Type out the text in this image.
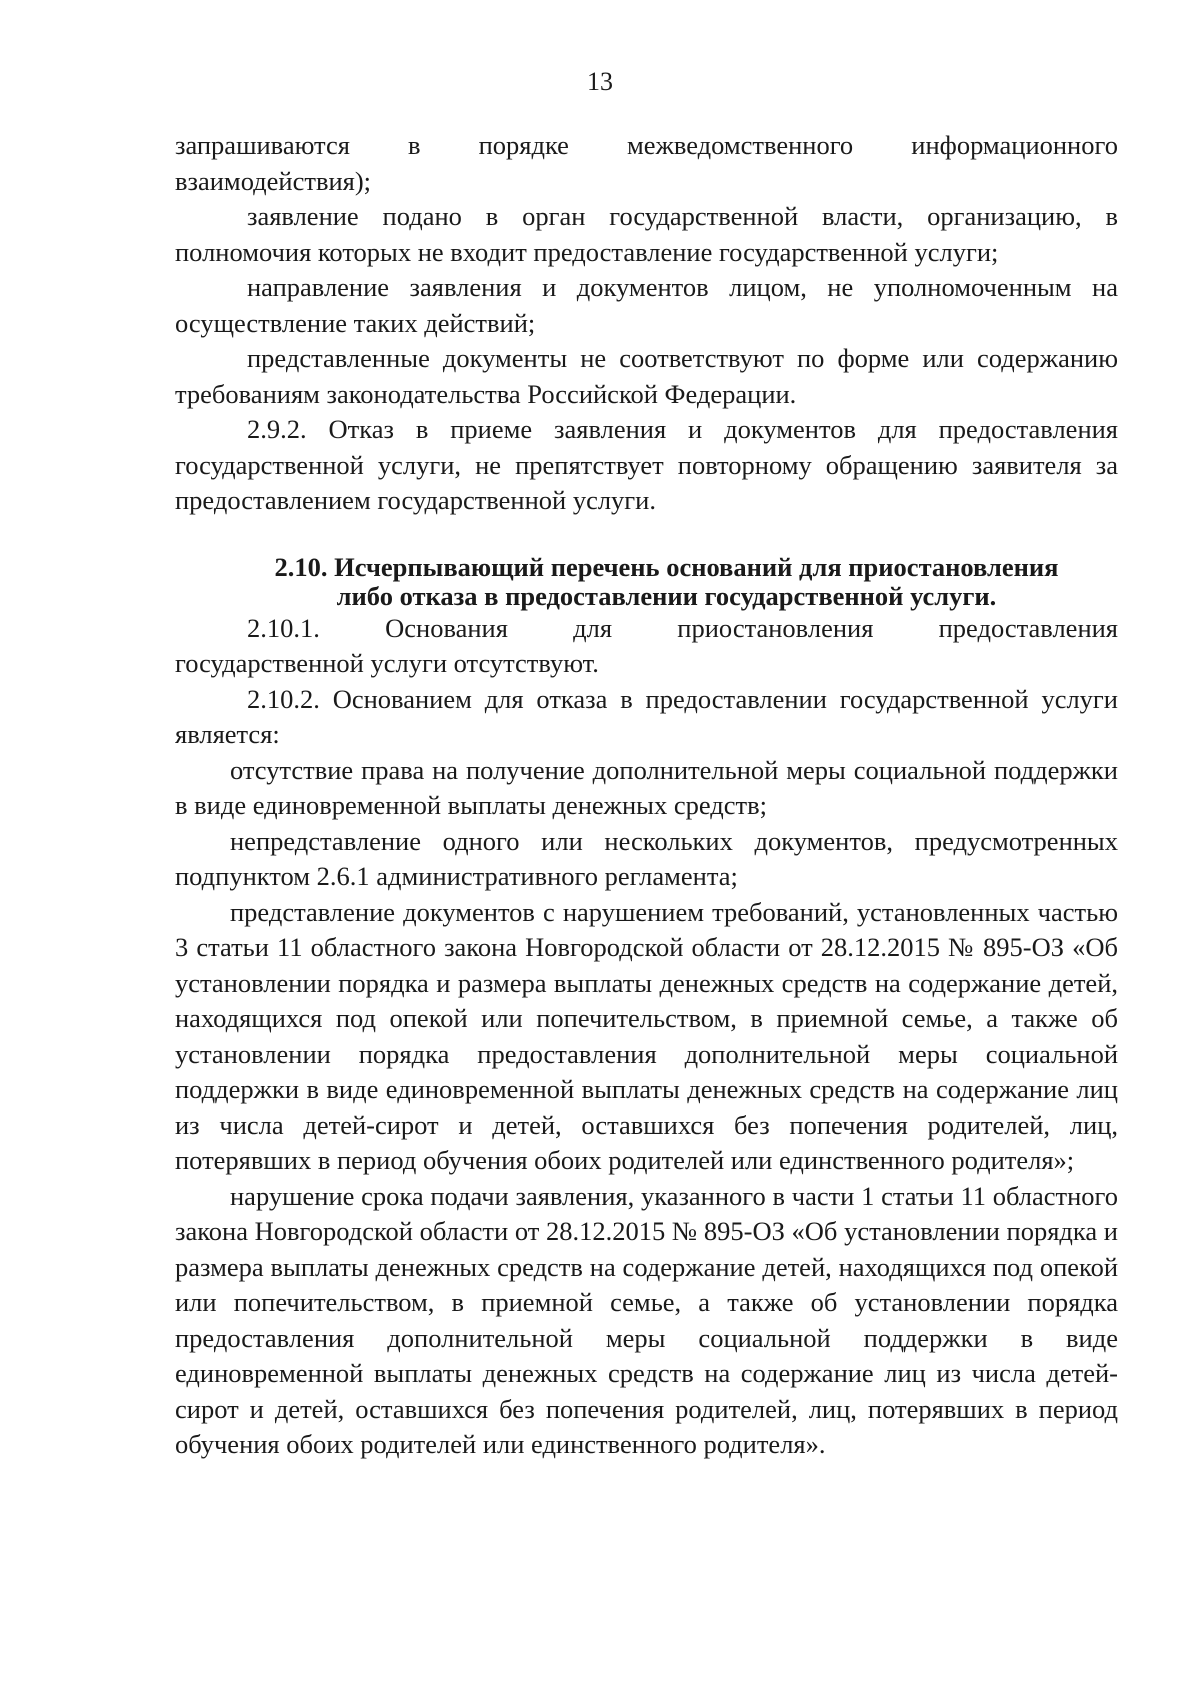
13
запрашиваются в порядке межведомственного информационного

взаимодействия);

заявление подано в орган государственной власти, организацию, в полномочия которых не входит предоставление государственной услуги;

направление заявления и документов лицом, не уполномоченным на осуществление таких действий;

представленные документы не соответствуют по форме или содержанию требованиям законодательства Российской Федерации.

2.9.2. Отказ в приеме заявления и документов для предоставления государственной услуги, не препятствует повторному обращению заявителя за предоставлением государственной услуги.

2.10. Исчерпывающий перечень оснований для приостановления
либо отказа в предоставлении государственной услуги.
2.10.1. Основания для приостановления предоставления

государственной услуги отсутствуют.

2.10.2. Основанием для отказа в предоставлении государственной услуги является:

отсутствие права на получение дополнительной меры социальной поддержки в виде единовременной выплаты денежных средств;

непредставление одного или нескольких документов, предусмотренных подпунктом 2.6.1 административного регламента;

представление документов с нарушением требований, установленных частью 3 статьи 11 областного закона Новгородской области от 28.12.2015 № 895-ОЗ «Об установлении порядка и размера выплаты денежных средств на содержание детей, находящихся под опекой или попечительством, в приемной семье, а также об установлении порядка предоставления дополнительной меры социальной поддержки в виде единовременной выплаты денежных средств на содержание лиц из числа детей-сирот и детей, оставшихся без попечения родителей, лиц, потерявших в период обучения обоих родителей или единственного родителя»;

нарушение срока подачи заявления, указанного в части 1 статьи 11 областного закона Новгородской области от 28.12.2015 № 895-ОЗ «Об установлении порядка и размера выплаты денежных средств на содержание детей, находящихся под опекой или попечительством, в приемной семье, а также об установлении порядка предоставления дополнительной меры социальной поддержки в виде единовременной выплаты денежных средств на содержание лиц из числа детей-сирот и детей, оставшихся без попечения родителей, лиц, потерявших в период обучения обоих родителей или единственного родителя».
